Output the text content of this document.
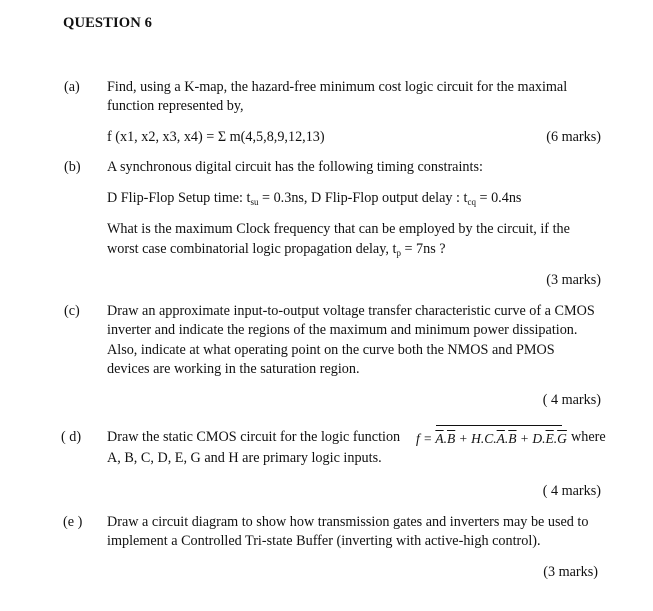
QUESTION 6
(a) Find, using a K-map, the hazard-free minimum cost logic circuit for the maximal
function represented by,
f (x1, x2, x3, x4) = Σ m(4,5,8,9,12,13)	(6 marks)
(b) A synchronous digital circuit has the following timing constraints:
D Flip-Flop Setup time: $t_{su} = 0.3ns$, D Flip-Flop output delay : $t_{cq} = 0.4ns$
What is the maximum Clock frequency that can be employed by the circuit, if the
worst case combinatorial logic propagation delay, $t_p = 7ns$ ?
(3 marks)
(c) Draw an approximate input-to-output voltage transfer characteristic curve of a CMOS
inverter and indicate the regions of the maximum and minimum power dissipation.
Also, indicate at what operating point on the curve both the NMOS and PMOS
devices are working in the saturation region.
( 4 marks)
( d) Draw the static CMOS circuit for the logic function $f = \overline{A}.\overline{B} + H.C.\overline{A}.\overline{B} + D.\overline{E}.\overline{G}$ where
A, B, C, D, E, G and H are primary logic inputs.
( 4 marks)
(e ) Draw a circuit diagram to show how transmission gates and inverters may be used to
implement a Controlled Tri-state Buffer (inverting with active-high control).
(3 marks)
